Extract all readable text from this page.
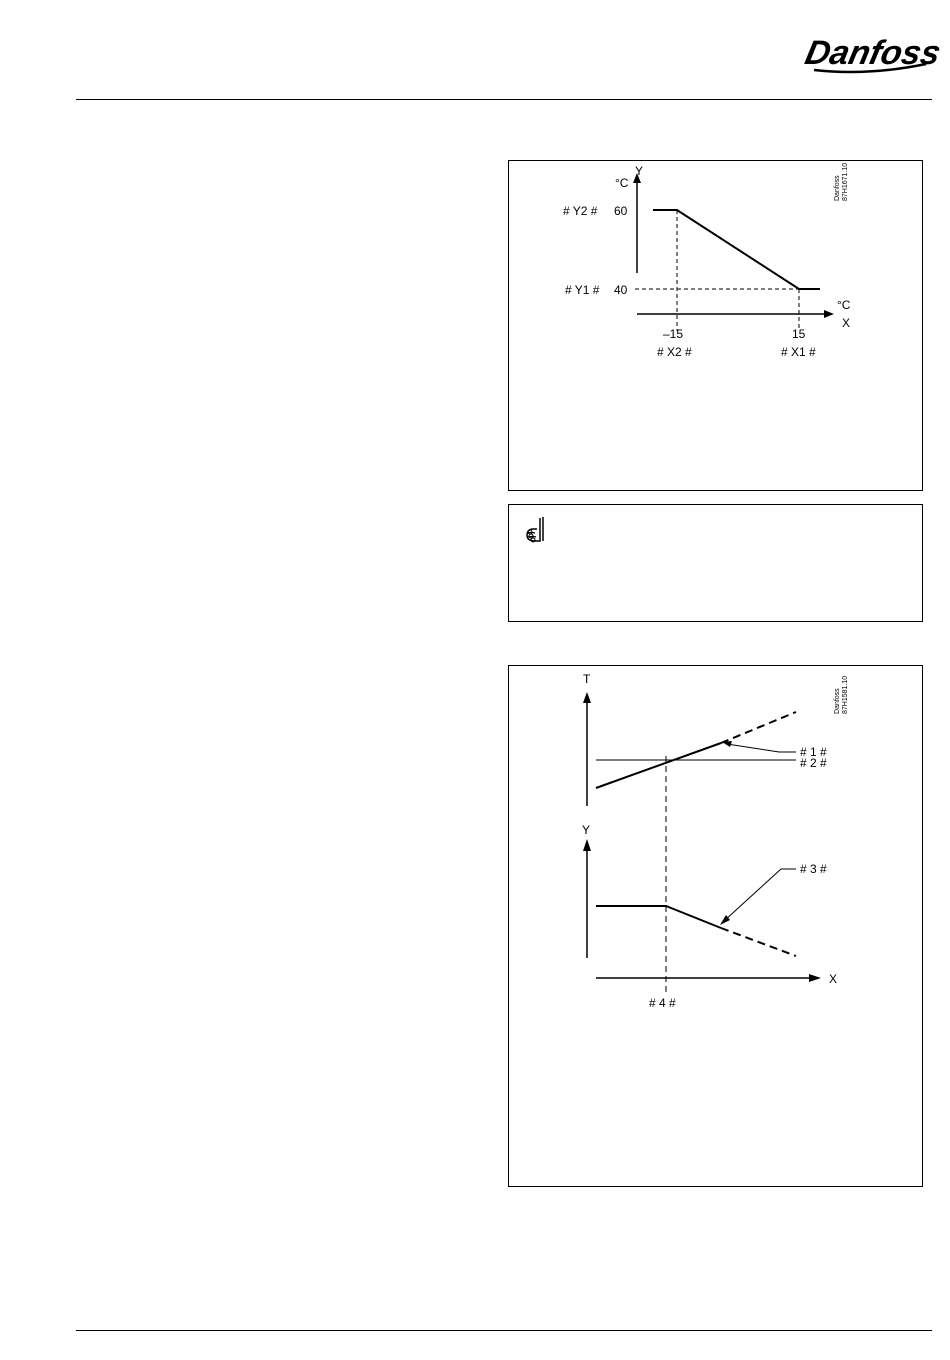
Danfoss
Danfoss 87H1671.10
Y
°C
# Y2 # 60
# Y1 # 40
°C
X
–15
# X2 #
15
# X1 #
Danfoss 87H1581.10
T
# 1 #
# 2 #
Y
# 3 #
X
# 4 #
